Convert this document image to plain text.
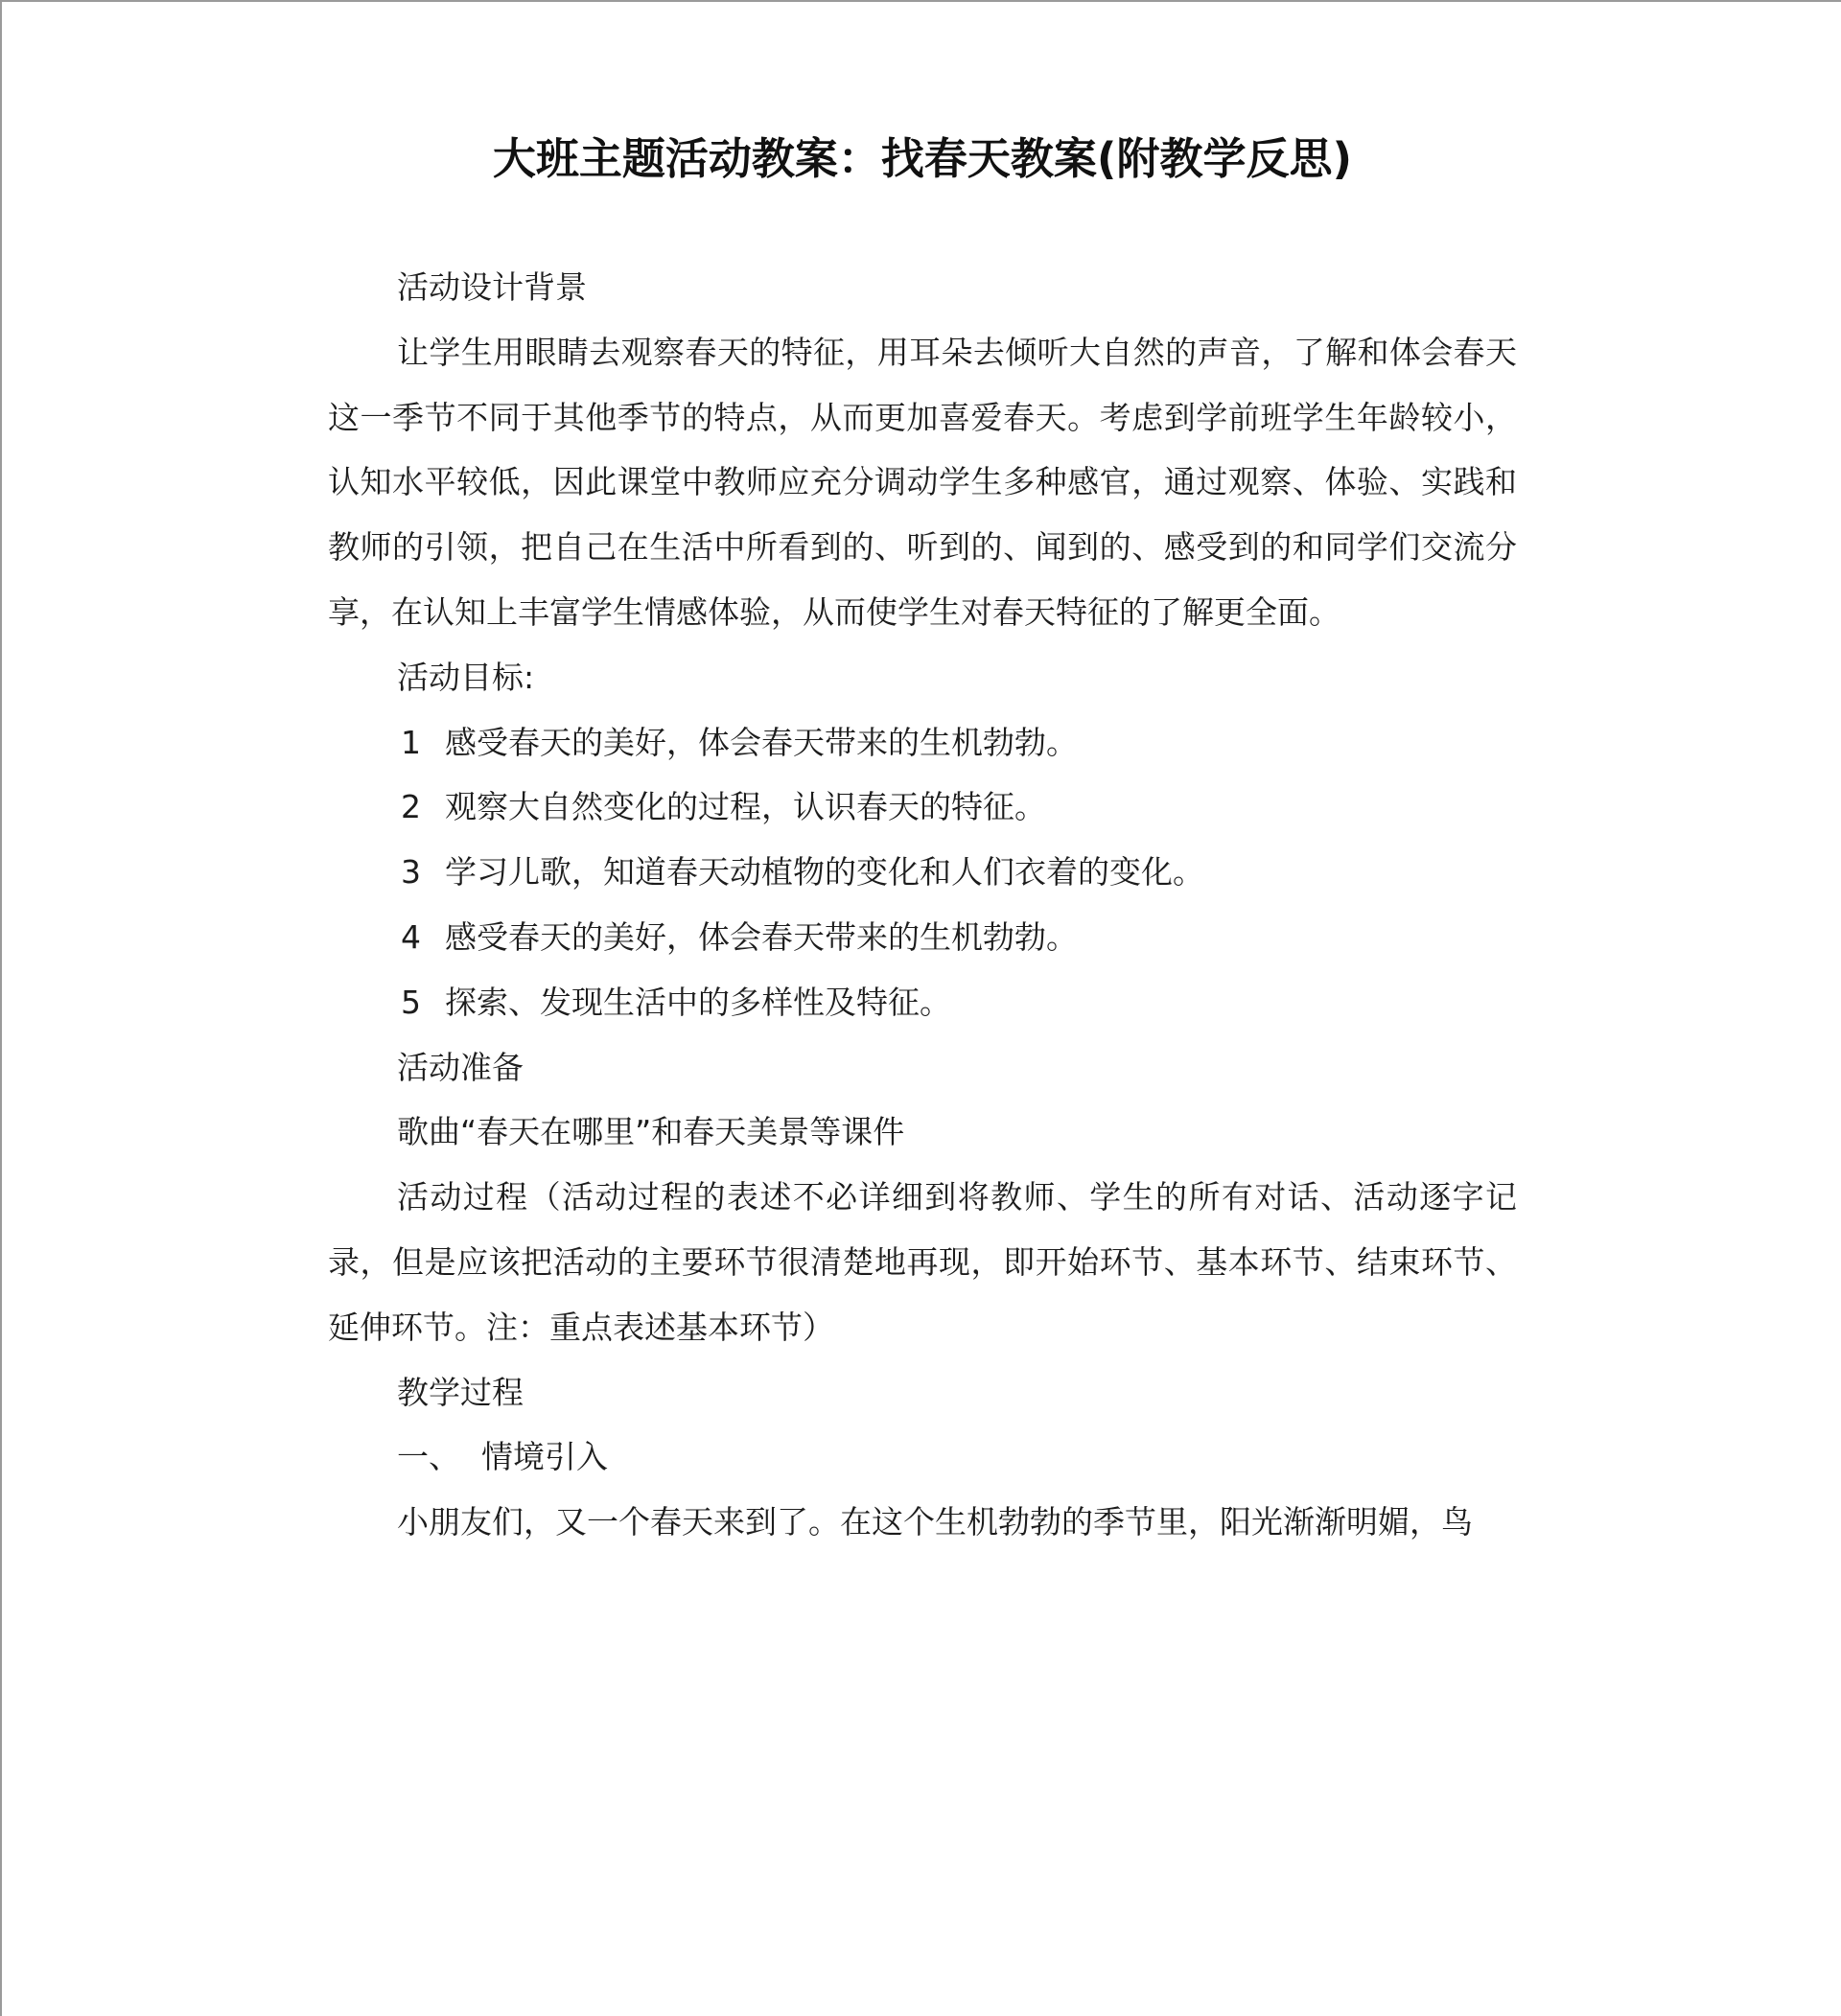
大班主题活动教案：找春天教案(附教学反思)

活动设计背景

让学生用眼睛去观察春天的特征，用耳朵去倾听大自然的声音，了解和体会春天这一季节不同于其他季节的特点，从而更加喜爱春天。考虑到学前班学生年龄较小，认知水平较低，因此课堂中教师应充分调动学生多种感官，通过观察、体验、实践和教师的引领，把自己在生活中所看到的、听到的、闻到的、感受到的和同学们交流分享，在认知上丰富学生情感体验，从而使学生对春天特征的了解更全面。

活动目标:

1 感受春天的美好，体会春天带来的生机勃勃。
2 观察大自然变化的过程，认识春天的特征。
3 学习儿歌，知道春天动植物的变化和人们衣着的变化。
4 感受春天的美好，体会春天带来的生机勃勃。
5 探索、发现生活中的多样性及特征。

活动准备

歌曲“春天在哪里”和春天美景等课件

活动过程（活动过程的表述不必详细到将教师、学生的所有对话、活动逐字记录，但是应该把活动的主要环节很清楚地再现，即开始环节、基本环节、结束环节、延伸环节。注：重点表述基本环节）

教学过程

一、 情境引入

小朋友们，又一个春天来到了。在这个生机勃勃的季节里，阳光渐渐明媚，鸟
